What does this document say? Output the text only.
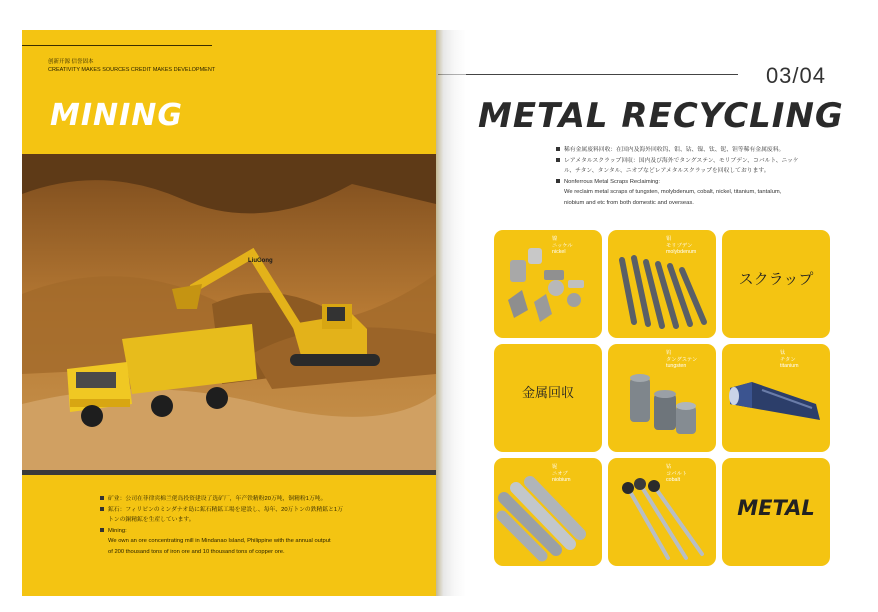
创新开源 信誉固本
CREATIVITY MAKES SOURCES CREDIT MAKES DEVELOPMENT
MINING
LiuGong
矿业：公司在菲律宾棉兰佬岛投资建设了选矿厂，年产铁精粉20万吨，铜精粉1万吨。
鉱石：フィリピンのミンダナオ島に鉱石精鉱工場を建設し、毎年、20万トンの鉄精鉱と1万
トンの銅精鉱を生産しています。
Mining:
We own an ore concentrating mill in Mindanao Island, Philippine with the annual output
of 200 thousand tons of iron ore and 10 thousand tons of copper ore.
03/04
METAL RECYCLING
稀有金属废料回收：在国内及海外回收钨、钼、钴、镍、钛、铌、钽等稀有金属废料。
レアメタルスクラップ回収：国内及び海外でタングステン、モリブデン、コバルト、ニッケ
ル、チタン、タンタル、ニオブなどレアメタルスクラップを回収しております。
Nonferrous Metal Scraps Reclaiming:
We reclaim metal scraps of tungsten, molybdenum, cobalt, nickel, titanium, tantalum,
niobium and etc from both domestic and overseas.
镍
ニッケル
nickel
钼
モリブデン
molybdenum
スクラップ
金属回収
钨
タングステン
tungsten
钛
チタン
titanium
铌
ニオブ
niobium
钴
コバルト
cobalt
METAL
